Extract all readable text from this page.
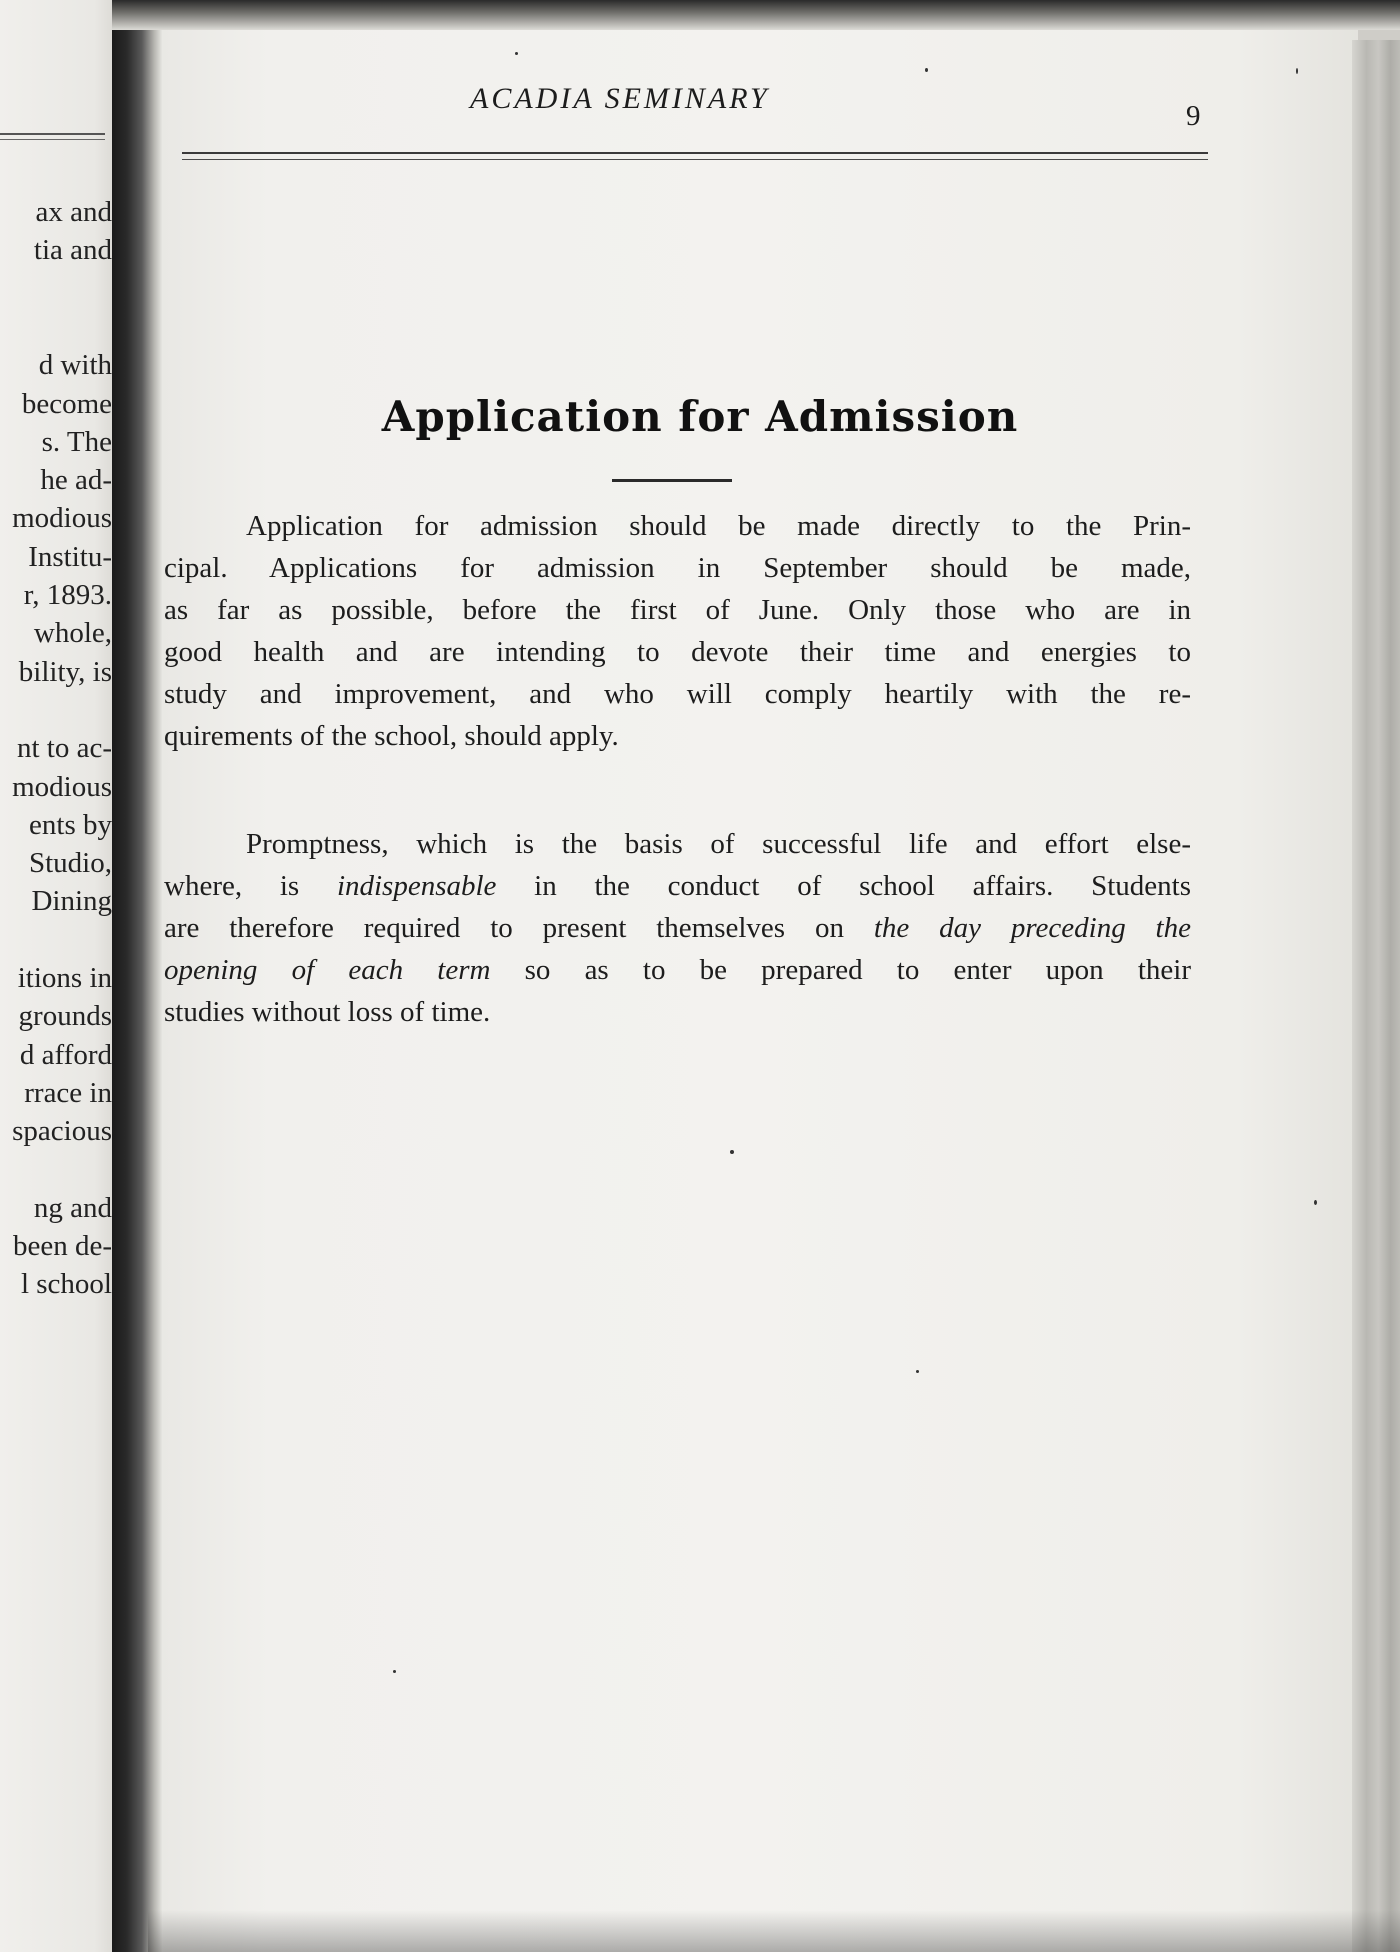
ax and
tia and
d with
become
s. The
he ad-
modious
Institu-
r, 1893.
whole,
bility, is
nt to ac-
modious
ents by
Studio,
Dining
itions in
grounds
d afford
rrace in
spacious
ng and
been de-
l school
ACADIA SEMINARY
9
Application for Admission
Application for admission should be made directly to the Prin-
cipal. Applications for admission in September should be made,
as far as possible, before the first of June. Only those who are in
good health and are intending to devote their time and energies to
study and improvement, and who will comply heartily with the re-
quirements of the school, should apply.
Promptness, which is the basis of successful life and effort else-
where, is indispensable in the conduct of school affairs. Students
are therefore required to present themselves on the day preceding the
opening of each term so as to be prepared to enter upon their
studies without loss of time.
